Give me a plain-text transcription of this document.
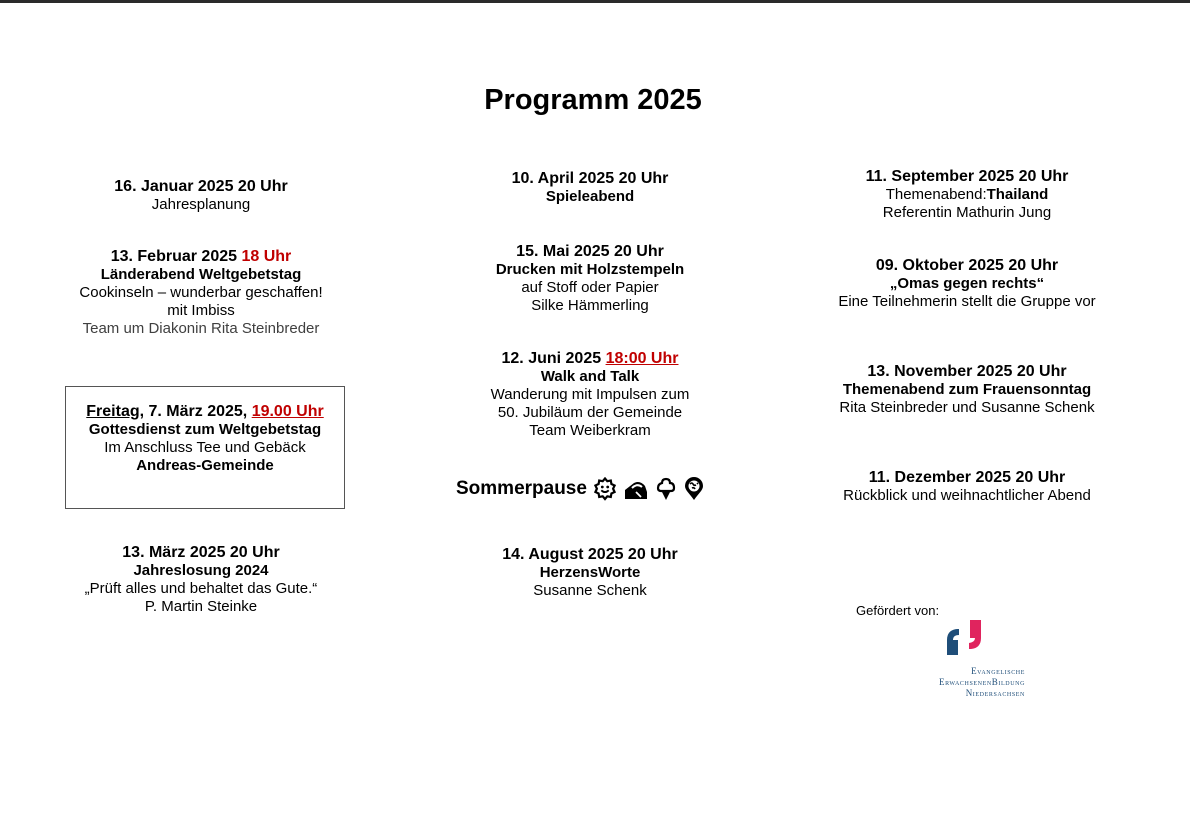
Programm 2025
16. Januar 2025 20 Uhr
Jahresplanung
13. Februar 2025 18 Uhr
Länderabend Weltgebetstag
Cookinseln – wunderbar geschaffen!
mit Imbiss
Team um Diakonin Rita Steinbreder
Freitag, 7. März 2025, 19.00 Uhr
Gottesdienst zum Weltgebetstag
Im Anschluss Tee und Gebäck
Andreas-Gemeinde
13. März 2025 20 Uhr
Jahreslosung 2024
„Prüft alles und behaltet das Gute.“
P. Martin Steinke
10. April 2025 20 Uhr
Spieleabend
15. Mai 2025 20 Uhr
Drucken mit Holzstempeln
auf Stoff oder Papier
Silke Hämmerling
12. Juni 2025 18:00 Uhr
Walk and Talk
Wanderung mit Impulsen zum
50. Jubiläum der Gemeinde
Team Weiberkram
Sommerpause
14. August 2025 20 Uhr
HerzensWorte
Susanne Schenk
11. September 2025 20 Uhr
Themenabend:Thailand
Referentin Mathurin Jung
09. Oktober 2025 20 Uhr
„Omas gegen rechts“
Eine Teilnehmerin stellt die Gruppe vor
13. November 2025 20 Uhr
Themenabend zum Frauensonntag
Rita Steinbreder und Susanne Schenk
11. Dezember 2025 20 Uhr
Rückblick und weihnachtlicher Abend
Gefördert von:
Evangelische
ErwachsenenBildung
Niedersachsen
